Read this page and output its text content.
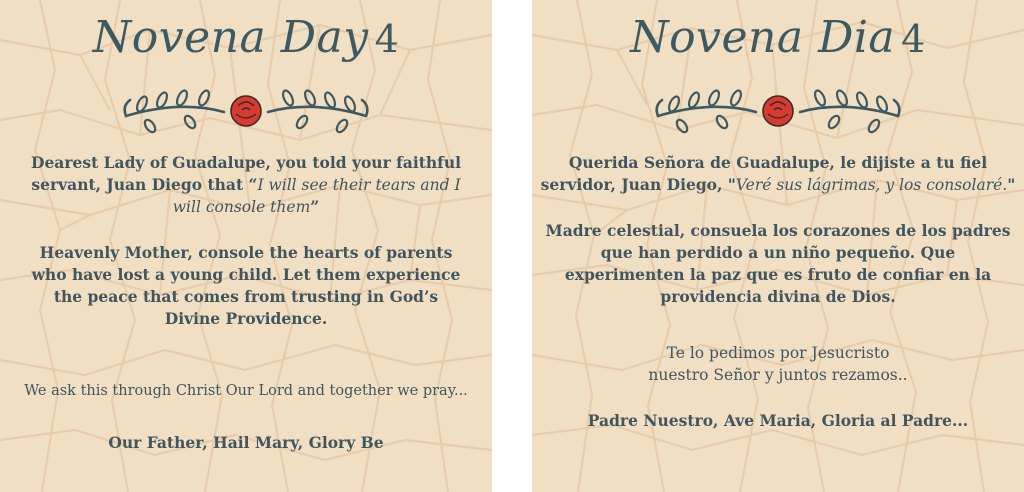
Novena Day 4
Dearest Lady of Guadalupe, you told your faithful
servant, Juan Diego that “I will see their tears and I
will console them”
Heavenly Mother, console the hearts of parents
who have lost a young child. Let them experience
the peace that comes from trusting in God’s
Divine Providence.
We ask this through Christ Our Lord and together we pray...
Our Father, Hail Mary, Glory Be
Novena Dia 4
Querida Señora de Guadalupe, le dijiste a tu fiel
servidor, Juan Diego, "Veré sus lágrimas, y los consolaré."
Madre celestial, consuela los corazones de los padres
que han perdido a un niño pequeño. Que
experimenten la paz que es fruto de confiar en la
providencia divina de Dios.
Te lo pedimos por Jesucristo
nuestro Señor y juntos rezamos..
Padre Nuestro, Ave Maria, Gloria al Padre...
